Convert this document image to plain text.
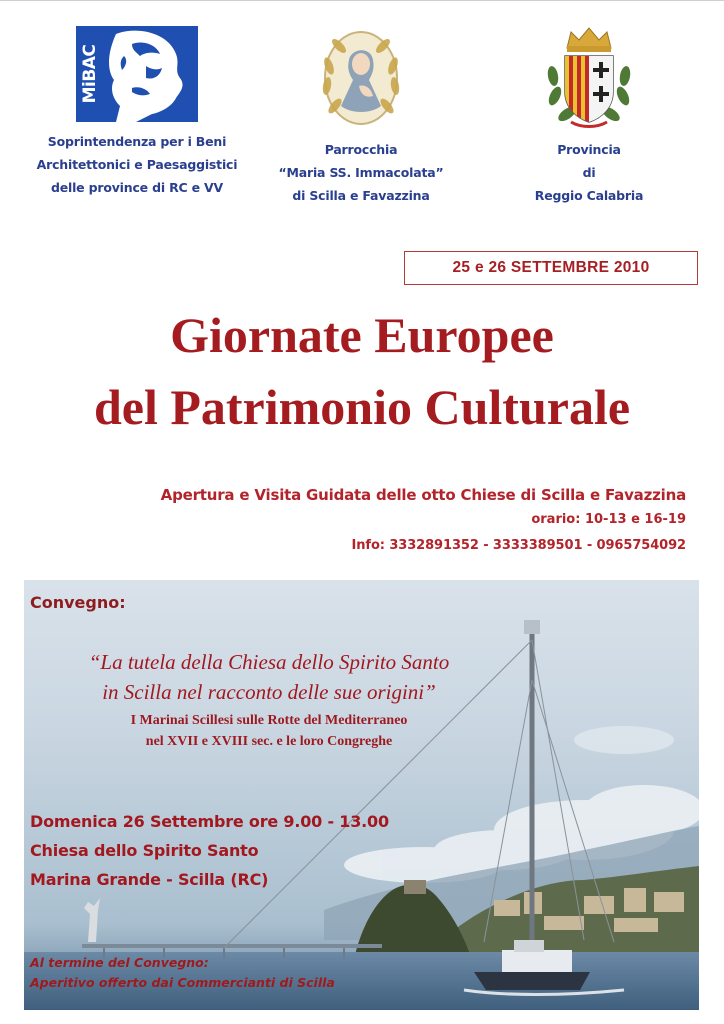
MiBAC
Soprintendenza per i Beni
Architettonici e Paesaggistici
delle province di RC e VV
Parrocchia
“Maria SS. Immacolata”
di Scilla e Favazzina
Provincia
di
Reggio Calabria
25 e 26 SETTEMBRE 2010
Giornate Europee
del Patrimonio Culturale
Apertura e Visita Guidata delle otto Chiese di Scilla e Favazzina
orario: 10-13 e 16-19
Info: 3332891352 - 3333389501 - 0965754092
Convegno:
“La tutela della Chiesa dello Spirito Santo
in Scilla nel racconto delle sue origini”
I Marinai Scillesi sulle Rotte del Mediterraneo
nel XVII e XVIII sec. e le loro Congreghe
Domenica 26 Settembre ore 9.00 - 13.00
Chiesa dello Spirito Santo
Marina Grande - Scilla (RC)
Al termine del Convegno:
Aperitivo offerto dai Commercianti di Scilla
